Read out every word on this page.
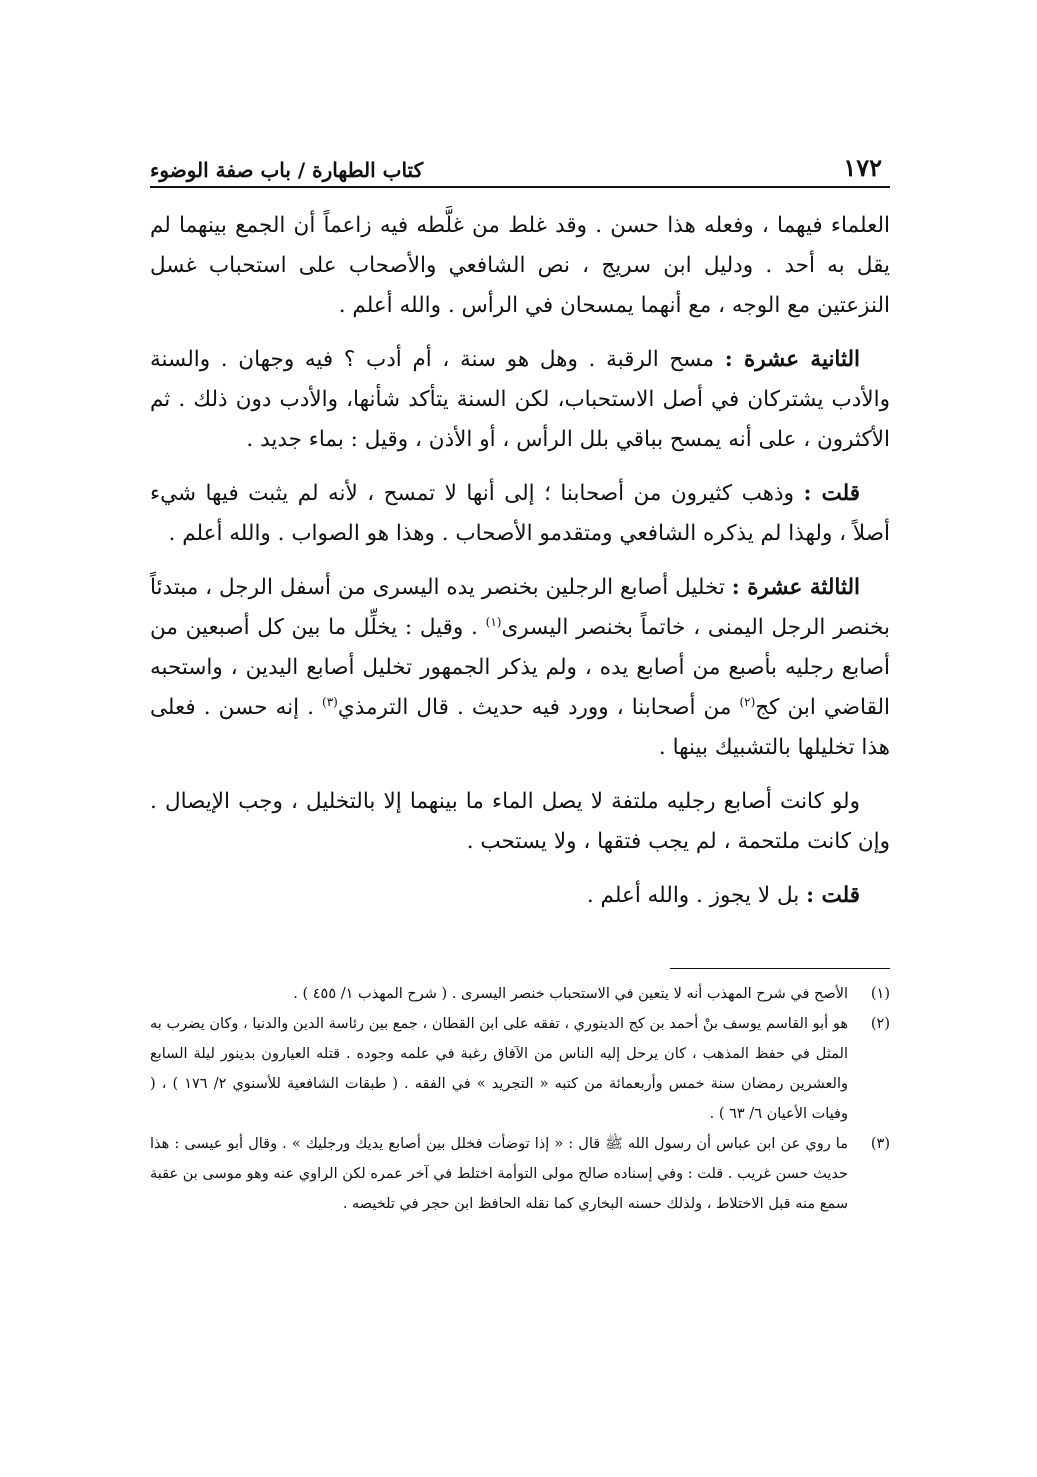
١٧٢
كتاب الطهارة / باب صفة الوضوء

العلماء فيهما ، وفعله هذا حسن . وقد غلط من غلَّطه فيه زاعماً أن الجمع بينهما لم يقل به أحد . ودليل ابن سريج ، نص الشافعي والأصحاب على استحباب غسل النزعتين مع الوجه ، مع أنهما يمسحان في الرأس . والله أعلم .

الثانية عشرة : مسح الرقبة . وهل هو سنة ، أم أدب ؟ فيه وجهان . والسنة والأدب يشتركان في أصل الاستحباب، لكن السنة يتأكد شأنها، والأدب دون ذلك . ثم الأكثرون ، على أنه يمسح بباقي بلل الرأس ، أو الأذن ، وقيل : بماء جديد .

قلت : وذهب كثيرون من أصحابنا ؛ إلى أنها لا تمسح ، لأنه لم يثبت فيها شيء أصلاً ، ولهذا لم يذكره الشافعي ومتقدمو الأصحاب . وهذا هو الصواب . والله أعلم .

الثالثة عشرة : تخليل أصابع الرجلين بخنصر يده اليسرى من أسفل الرجل ، مبتدئاً بخنصر الرجل اليمنى ، خاتماً بخنصر اليسرى$^{(١)}$ . وقيل : يخلِّل ما بين كل أصبعين من أصابع رجليه بأصبع من أصابع يده ، ولم يذكر الجمهور تخليل أصابع اليدين ، واستحبه القاضي ابن كج$^{(٢)}$ من أصحابنا ، وورد فيه حديث . قال الترمذي$^{(٣)}$ . إنه حسن . فعلى هذا تخليلها بالتشبيك بينها .

ولو كانت أصابع رجليه ملتفة لا يصل الماء ما بينهما إلا بالتخليل ، وجب الإيصال . وإن كانت ملتحمة ، لم يجب فتقها ، ولا يستحب .

قلت : بل لا يجوز . والله أعلم .

(١)
الأصح في شرح المهذب أنه لا يتعين في الاستحباب خنصر اليسرى . ( شرح المهذب ١/ ٤٥٥ ) .
(٢)
هو أبو القاسم يوسف بنْ أحمد بن كج الدينوري ، تفقه على ابن القطان ، جمع بين رئاسة الدين والدنيا ، وكان يضرب به المثل في حفظ المذهب ، كان يرحل إليه الناس من الآفاق رغبة في علمه وجوده . قتله العيارون بدينور ليلة السابع والعشرين رمضان سنة خمس وأربعمائة من كتبه « التجريد » في الفقه . ( طبقات الشافعية للأسنوي ٢/ ١٧٦ ) ، ( وفيات الأعيان ٦/ ٦٣ ) .
(٣)
ما روي عن ابن عباس أن رسول الله ﷺ قال : « إذا توضأت فخلل بين أصابع يديك ورجليك » . وقال أبو عيسى : هذا حديث حسن غريب . قلت : وفي إسناده صالح مولى التوأمة اختلط في آخر عمره لكن الراوي عنه وهو موسى بن عقبة سمع منه قبل الاختلاط ، ولذلك حسنه البخاري كما نقله الحافظ ابن حجر في تلخيصه .
